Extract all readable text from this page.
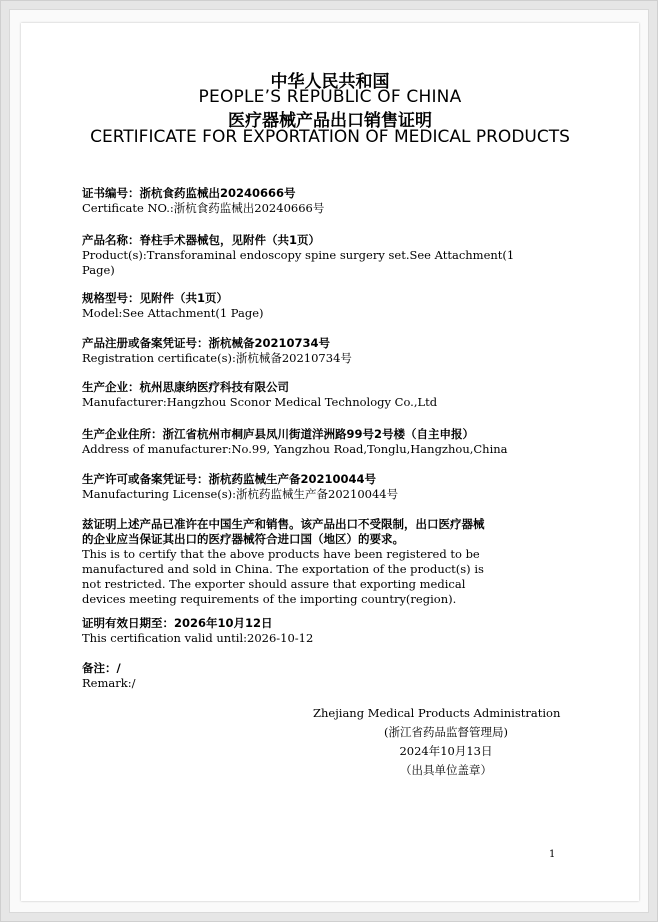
中华人民共和国
PEOPLE’S REPUBLIC OF CHINA
医疗器械产品出口销售证明
CERTIFICATE FOR EXPORTATION OF MEDICAL PRODUCTS
证书编号：浙杭食药监械出20240666号
Certificate NO.:浙杭食药监械出20240666号
产品名称：脊柱手术器械包，见附件（共1页）
Product(s):Transforaminal endoscopy spine surgery set.See Attachment(1
Page)
规格型号：见附件（共1页）
Model:See Attachment(1 Page)
产品注册或备案凭证号：浙杭械备20210734号
Registration certificate(s):浙杭械备20210734号
生产企业：杭州思康纳医疗科技有限公司
Manufacturer:Hangzhou Sconor Medical Technology Co.,Ltd
生产企业住所：浙江省杭州市桐庐县凤川街道洋洲路99号2号楼（自主申报）
Address of manufacturer:No.99, Yangzhou Road,Tonglu,Hangzhou,China
生产许可或备案凭证号：浙杭药监械生产备20210044号
Manufacturing License(s):浙杭药监械生产备20210044号
兹证明上述产品已准许在中国生产和销售。该产品出口不受限制，出口医疗器械
的企业应当保证其出口的医疗器械符合进口国（地区）的要求。
This is to certify that the above products have been registered to be
manufactured and sold in China. The exportation of the product(s) is
not restricted. The exporter should assure that exporting medical
devices meeting requirements of the importing country(region).
证明有效日期至：2026年10月12日
This certification valid until:2026-10-12
备注：/
Remark:/
Zhejiang Medical Products Administration
(浙江省药品监督管理局)
2024年10月13日
（出具单位盖章）
1
